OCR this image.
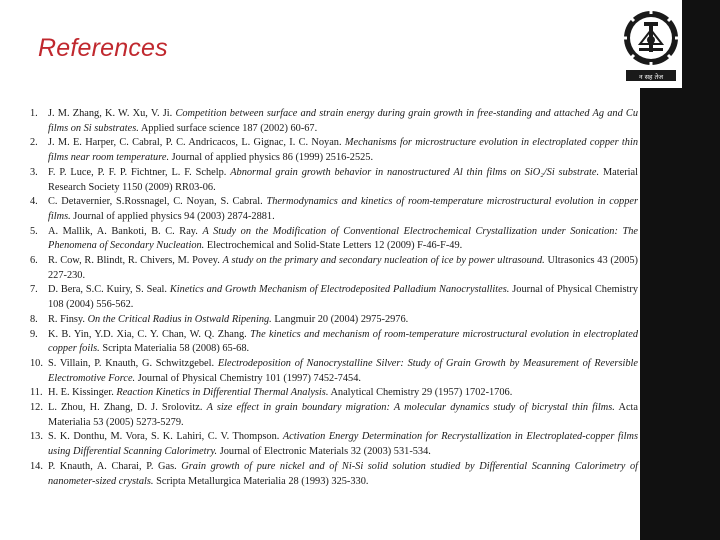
न सह तेज
References
1. J. M. Zhang, K. W. Xu, V. Ji. Competition between surface and strain energy during grain growth in free-standing and attached Ag and Cu films on Si substrates. Applied surface science 187 (2002) 60-67.
2. J. M. E. Harper, C. Cabral, P. C. Andricacos, L. Gignac, I. C. Noyan. Mechanisms for microstructure evolution in electroplated copper thin films near room temperature. Journal of applied physics 86 (1999) 2516-2525.
3. F. P. Luce, P. F. P. Fichtner, L. F. Schelp. Abnormal grain growth behavior in nanostructured Al thin films on SiO₂/Si substrate. Material Research Society 1150 (2009) RR03-06.
4. C. Detavernier, S.Rossnagel, C. Noyan, S. Cabral. Thermodynamics and kinetics of room-temperature microstructural evolution in copper films. Journal of applied physics 94 (2003) 2874-2881.
5. A. Mallik, A. Bankoti, B. C. Ray. A Study on the Modification of Conventional Electrochemical Crystallization under Sonication: The Phenomena of Secondary Nucleation. Electrochemical and Solid-State Letters 12 (2009) F-46-F-49.
6. R. Cow, R. Blindt, R. Chivers, M. Povey. A study on the primary and secondary nucleation of ice by power ultrasound. Ultrasonics 43 (2005) 227-230.
7. D. Bera, S.C. Kuiry, S. Seal. Kinetics and Growth Mechanism of Electrodeposited Palladium Nanocrystallites. Journal of Physical Chemistry 108 (2004) 556-562.
8. R. Finsy. On the Critical Radius in Ostwald Ripening. Langmuir 20 (2004) 2975-2976.
9. K. B. Yin, Y.D. Xia, C. Y. Chan, W. Q. Zhang. The kinetics and mechanism of room-temperature microstructural evolution in electroplated copper foils. Scripta Materialia 58 (2008) 65-68.
10. S. Villain, P. Knauth, G. Schwitzgebel. Electrodeposition of Nanocrystalline Silver: Study of Grain Growth by Measurement of Reversible Electromotive Force. Journal of Physical Chemistry 101 (1997) 7452-7454.
11. H. E. Kissinger. Reaction Kinetics in Differential Thermal Analysis. Analytical Chemistry 29 (1957) 1702-1706.
12. L. Zhou, H. Zhang, D. J. Srolovitz. A size effect in grain boundary migration: A molecular dynamics study of bicrystal thin films. Acta Materialia 53 (2005) 5273-5279.
13. S. K. Donthu, M. Vora, S. K. Lahiri, C. V. Thompson. Activation Energy Determination for Recrystallization in Electroplated-copper films using Differential Scanning Calorimetry. Journal of Electronic Materials 32 (2003) 531-534.
14. P. Knauth, A. Charai, P. Gas. Grain growth of pure nickel and of Ni-Si solid solution studied by Differential Scanning Calorimetry of nanometer-sized crystals. Scripta Metallurgica Materialia 28 (1993) 325-330.
